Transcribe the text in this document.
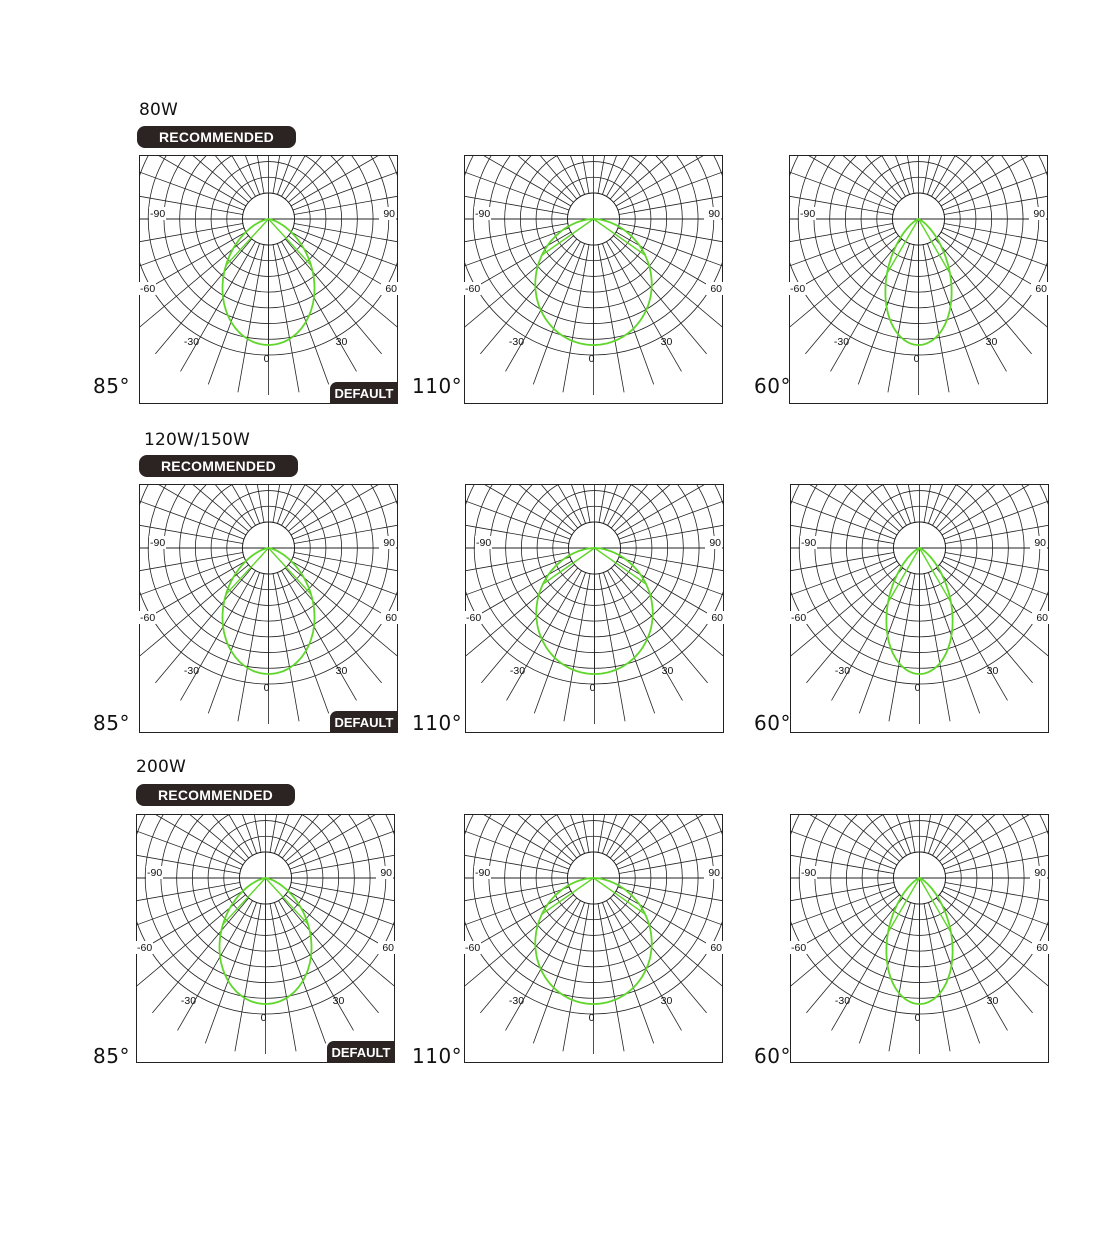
80W
RECOMMENDED
85°	110°	60°
120W/150W
RECOMMENDED
85°	110°	60°
200W
RECOMMENDED
85°	110°	60°
-90	90
-60	60
-30	30
0
-90	90
-60	60
-30	30
0
-90	90
-60	60
-30	30
0
-90	90
-60	60
-30	30
0
-90	90
-60	60
-30	30
0
-90	90
-60	60
-30	30
0
-90	90
-60	60
-30	30
0
-90	90
-60	60
-30	30
0
-90	90
-60	60
-30	30
0
DEFAULT
DEFAULT
DEFAULT
